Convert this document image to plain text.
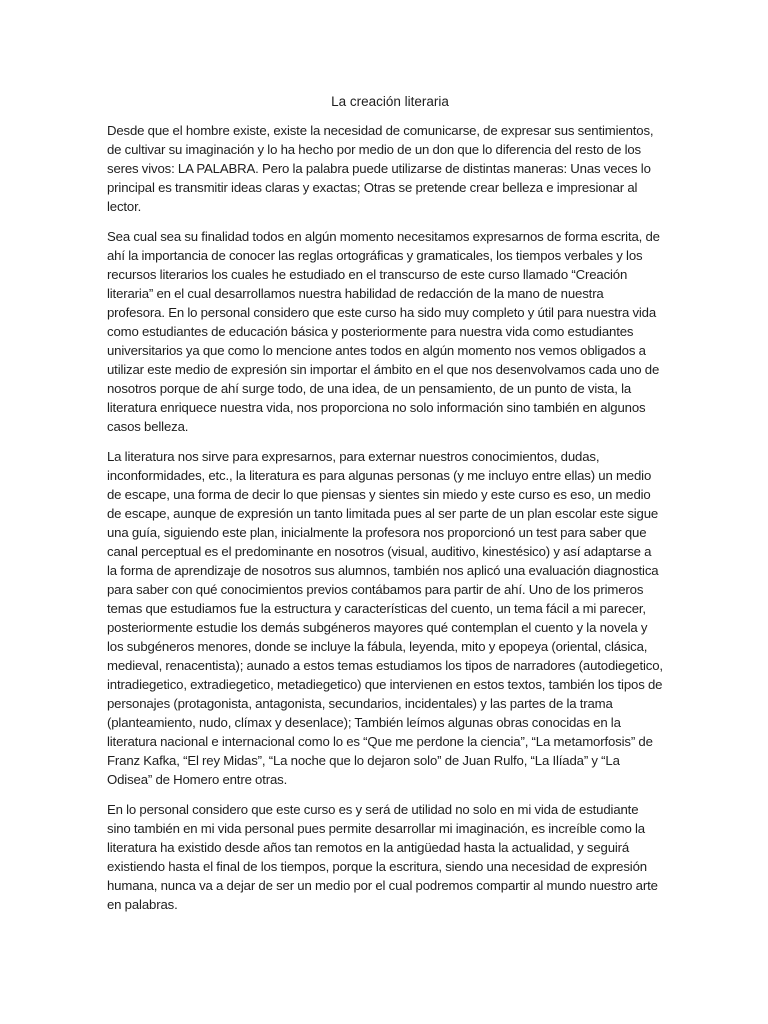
La creación literaria

Desde que el hombre existe, existe la necesidad de comunicarse, de expresar sus sentimientos, de cultivar su imaginación y lo ha hecho por medio de un don que lo diferencia del resto de los seres vivos: LA PALABRA. Pero la palabra puede utilizarse de distintas maneras: Unas veces lo principal es transmitir ideas claras y exactas; Otras se pretende crear belleza e impresionar al lector.

Sea cual sea su finalidad todos en algún momento necesitamos expresarnos de forma escrita, de ahí la importancia de conocer las reglas ortográficas y gramaticales, los tiempos verbales y los recursos literarios los cuales he estudiado en el transcurso de este curso llamado “Creación literaria” en el cual desarrollamos nuestra habilidad de redacción de la mano de nuestra profesora. En lo personal considero que este curso ha sido muy completo y útil para nuestra vida como estudiantes de educación básica y posteriormente para nuestra vida como estudiantes universitarios ya que como lo mencione antes todos en algún momento nos vemos obligados a utilizar este medio de expresión sin importar el ámbito en el que nos desenvolvamos cada uno de nosotros porque de ahí surge todo, de una idea, de un pensamiento, de un punto de vista, la literatura enriquece nuestra vida, nos proporciona no solo información sino también en algunos casos belleza.

La literatura nos sirve para expresarnos, para externar nuestros conocimientos, dudas, inconformidades, etc., la literatura es para algunas personas (y me incluyo entre ellas) un medio de escape, una forma de decir lo que piensas y sientes sin miedo y este curso es eso, un medio de escape, aunque de expresión un tanto limitada pues al ser parte de un plan escolar este sigue una guía, siguiendo este plan, inicialmente la profesora nos proporcionó un test para saber que canal perceptual es el predominante en nosotros (visual, auditivo, kinestésico) y así adaptarse a la forma de aprendizaje de nosotros sus alumnos, también nos aplicó una evaluación diagnostica para saber con qué conocimientos previos contábamos para partir de ahí. Uno de los primeros temas que estudiamos fue la estructura y características del cuento, un tema fácil a mi parecer, posteriormente estudie los demás subgéneros mayores qué contemplan el cuento y la novela y los subgéneros menores, donde se incluye la fábula, leyenda, mito y epopeya (oriental, clásica, medieval, renacentista); aunado a estos temas estudiamos los tipos de narradores (autodiegetico, intradiegetico, extradiegetico, metadiegetico) que intervienen en estos textos, también los tipos de personajes (protagonista, antagonista, secundarios, incidentales) y las partes de la trama (planteamiento, nudo, clímax y desenlace); También leímos algunas obras conocidas en la literatura nacional e internacional como lo es “Que me perdone la ciencia”, “La metamorfosis” de Franz Kafka, “El rey Midas”, “La noche que lo dejaron solo” de Juan Rulfo, “La Ilíada” y “La Odisea” de Homero entre otras.

En lo personal considero que este curso es y será de utilidad no solo en mi vida de estudiante sino también en mi vida personal pues permite desarrollar mi imaginación, es increíble como la literatura ha existido desde años tan remotos en la antigüedad hasta la actualidad, y seguirá existiendo hasta el final de los tiempos, porque la escritura, siendo una necesidad de expresión humana, nunca va a dejar de ser un medio por el cual podremos compartir al mundo nuestro arte en palabras.
